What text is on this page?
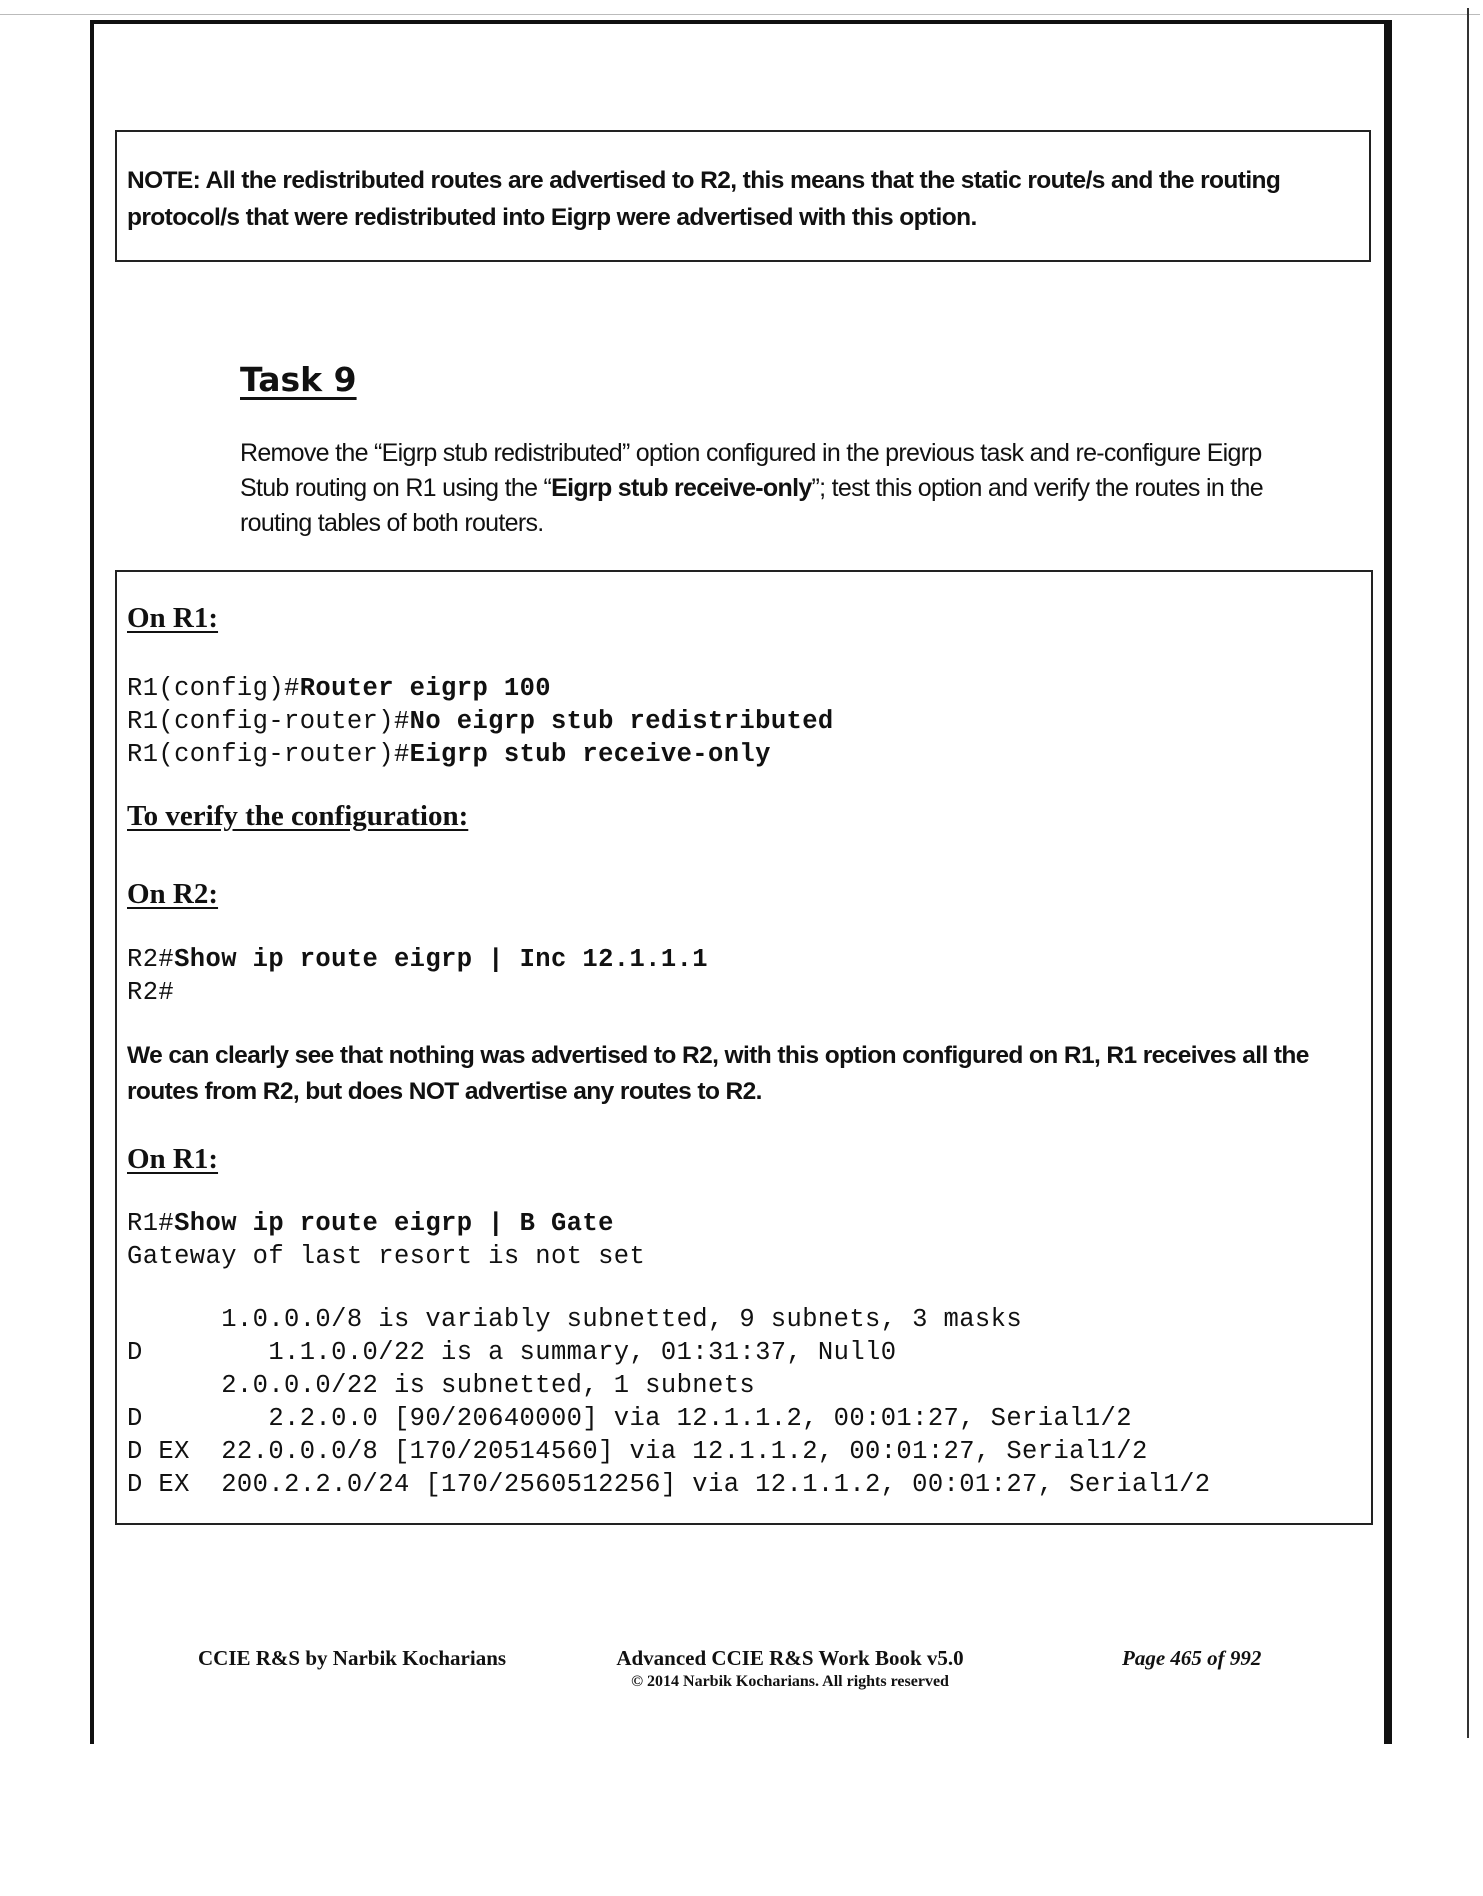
NOTE: All the redistributed routes are advertised to R2, this means that the static route/s and the routing protocol/s that were redistributed into Eigrp were advertised with this option.
Task 9
Remove the “Eigrp stub redistributed” option configured in the previous task and re-configure Eigrp Stub routing on R1 using the “Eigrp stub receive-only”; test this option and verify the routes in the routing tables of both routers.
On R1:
R1(config)#Router eigrp 100
R1(config-router)#No eigrp stub redistributed
R1(config-router)#Eigrp stub receive-only
To verify the configuration:
On R2:
R2#Show ip route eigrp | Inc 12.1.1.1
R2#
We can clearly see that nothing was advertised to R2, with this option configured on R1, R1 receives all the routes from R2, but does NOT advertise any routes to R2.
On R1:
R1#Show ip route eigrp | B Gate
Gateway of last resort is not set
1.0.0.0/8 is variably subnetted, 9 subnets, 3 masks
D        1.1.0.0/22 is a summary, 01:31:37, Null0
2.0.0.0/22 is subnetted, 1 subnets
D        2.2.0.0 [90/20640000] via 12.1.1.2, 00:01:27, Serial1/2
D EX  22.0.0.0/8 [170/20514560] via 12.1.1.2, 00:01:27, Serial1/2
D EX  200.2.2.0/24 [170/2560512256] via 12.1.1.2, 00:01:27, Serial1/2
CCIE R&S by Narbik Kocharians	Advanced CCIE R&S Work Book v5.0
© 2014 Narbik Kocharians. All rights reserved
Page 465 of 992
